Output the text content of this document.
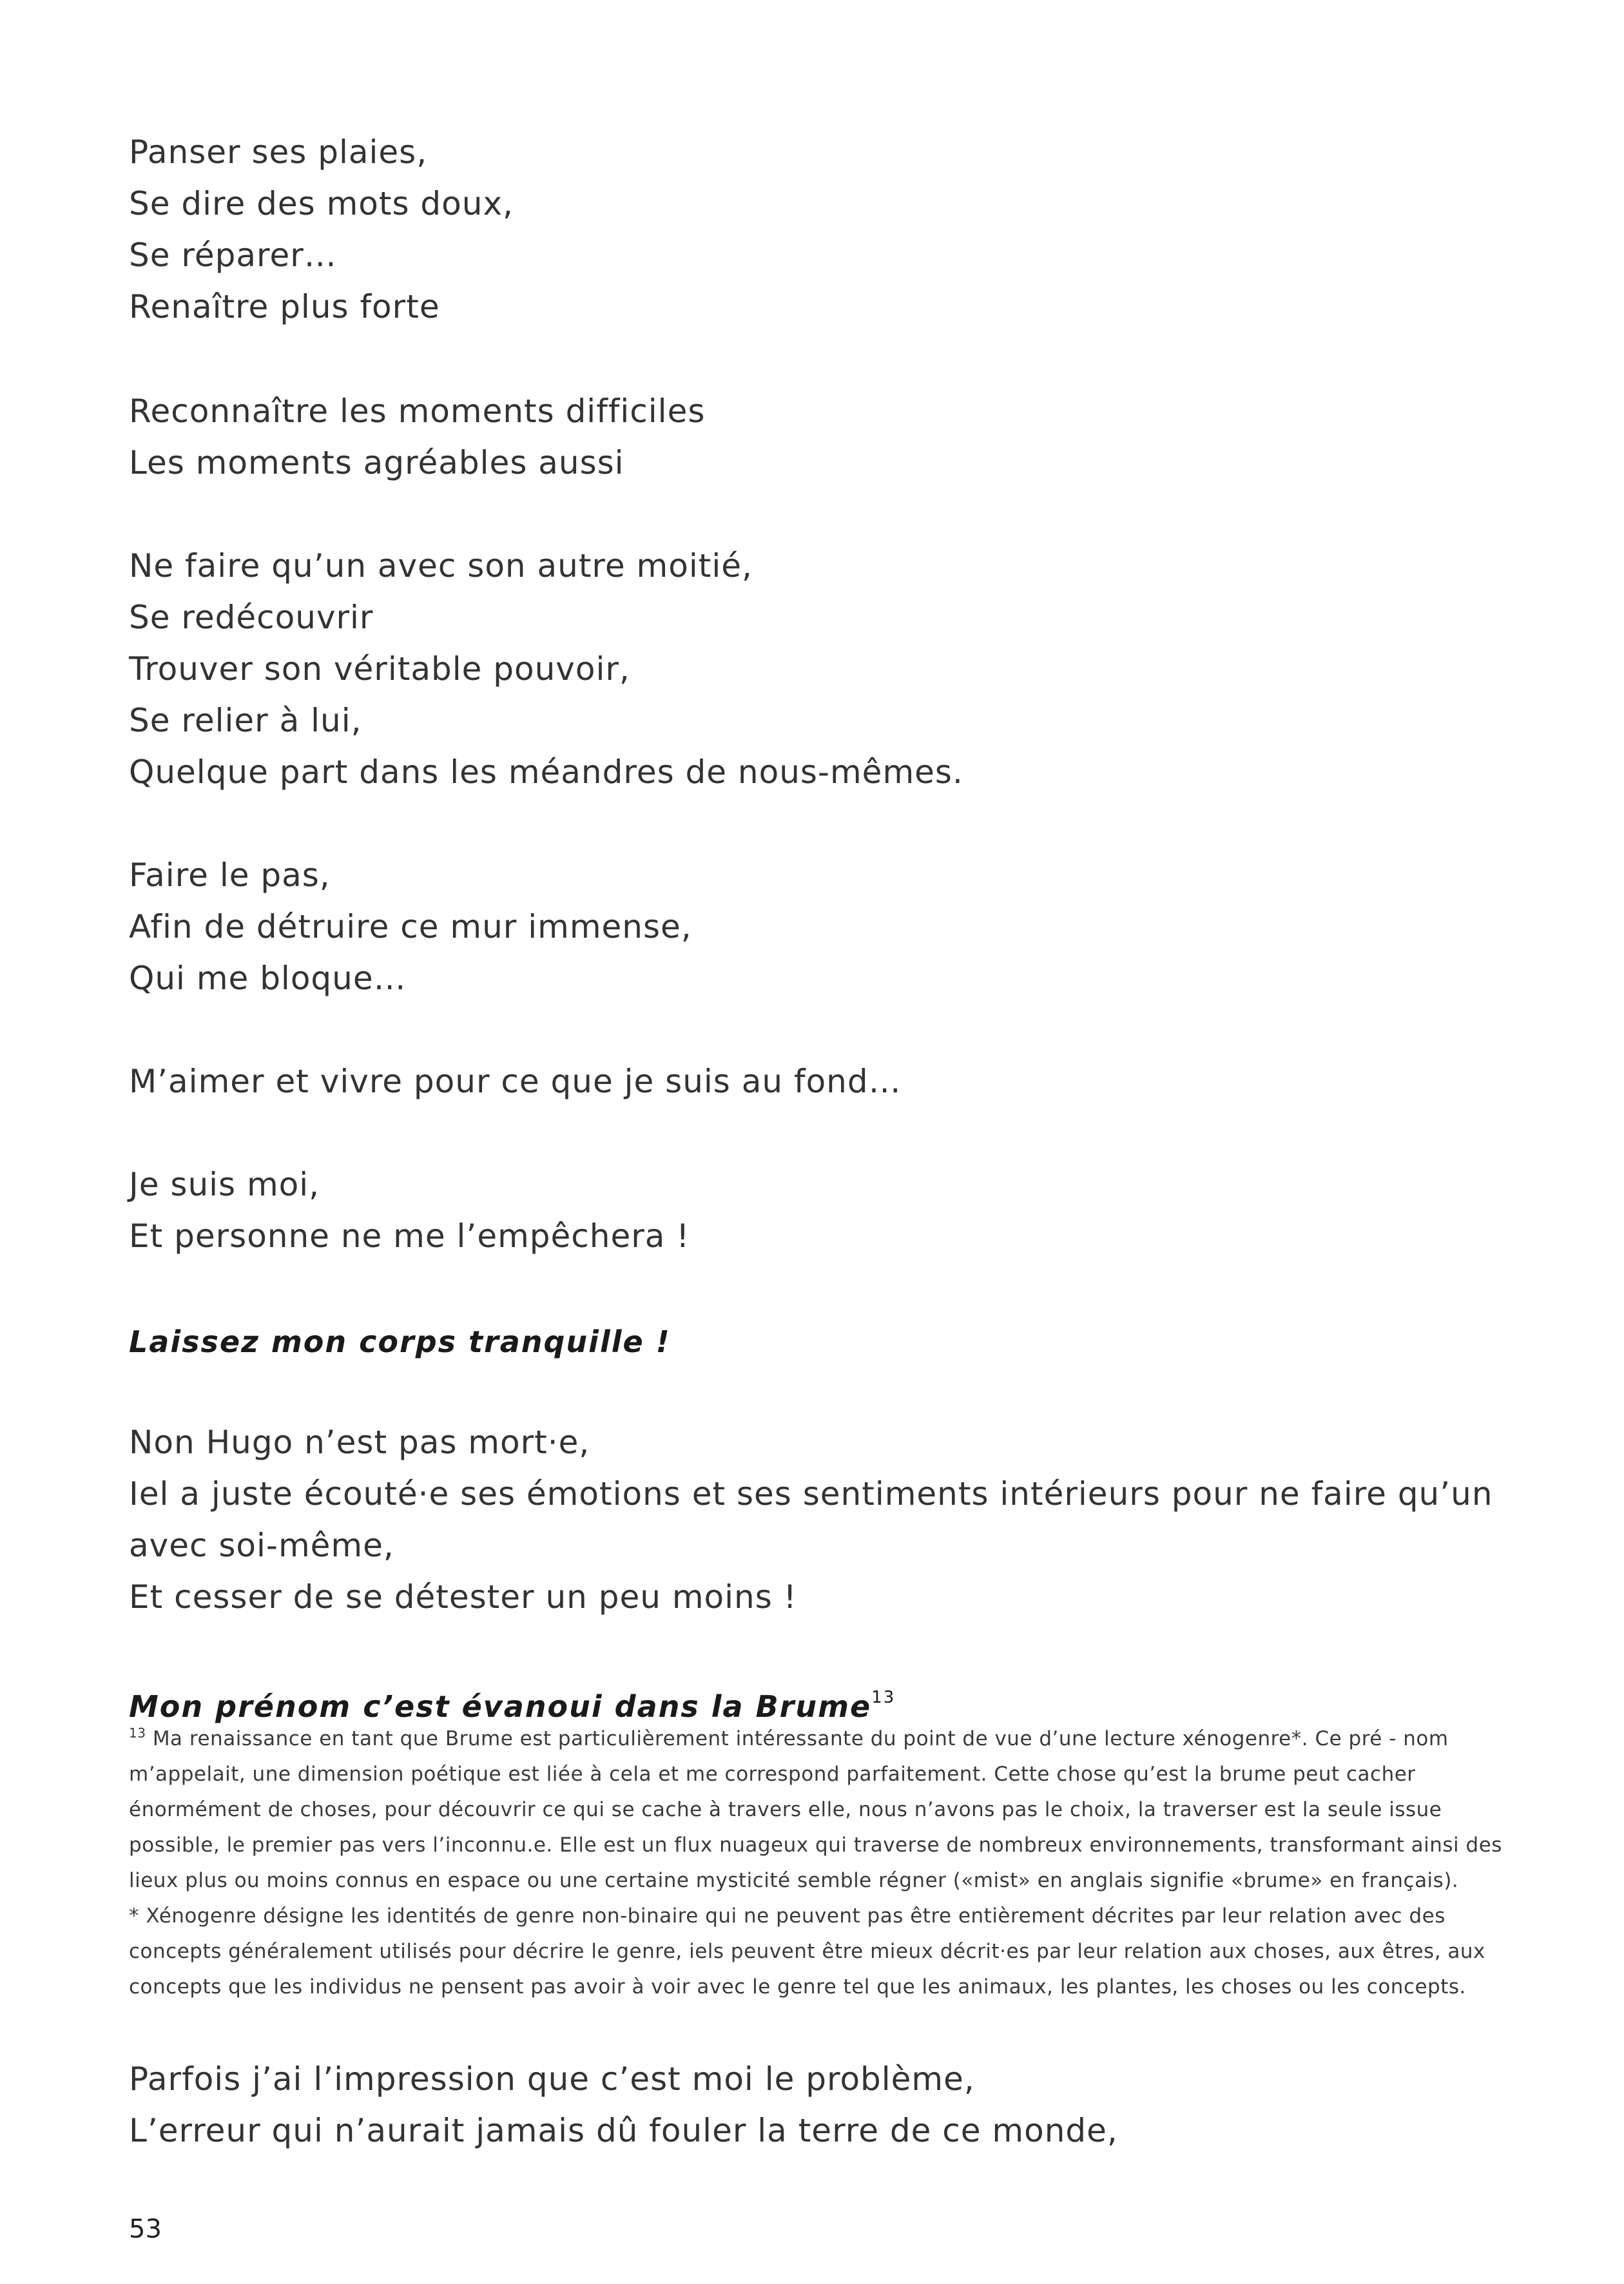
Panser ses plaies,
Se dire des mots doux,
Se réparer…
Renaître plus forte
Reconnaître les moments difficiles
Les moments agréables aussi
Ne faire qu’un avec son autre moitié,
Se redécouvrir
Trouver son véritable pouvoir,
Se relier à lui,
Quelque part dans les méandres de nous-mêmes.
Faire le pas,
Afin de détruire ce mur immense,
Qui me bloque…
M’aimer et vivre pour ce que je suis au fond…
Je suis moi,
Et personne ne me l’empêchera !
Laissez mon corps tranquille !
Non Hugo n’est pas mort·e,
Iel a juste écouté·e ses émotions et ses sentiments intérieurs pour ne faire qu’un avec soi-même,
Et cesser de se détester un peu moins !
Mon prénom c’est évanoui dans la Brume$^{13}$

$^{13}$ Ma renaissance en tant que Brume est particulièrement intéressante du point de vue d’une lecture xénogenre*. Ce pré - nom m’appelait, une dimension poétique est liée à cela et me correspond parfaitement. Cette chose qu’est la brume peut cacher énormément de choses, pour découvrir ce qui se cache à travers elle, nous n’avons pas le choix, la traverser est la seule issue possible, le premier pas vers l’inconnu.e. Elle est un flux nuageux qui traverse de nombreux environnements, transformant ainsi des lieux plus ou moins connus en espace ou une certaine mysticité semble régner («mist» en anglais signifie «brume» en français).

* Xénogenre désigne les identités de genre non-binaire qui ne peuvent pas être entièrement décrites par leur relation avec des concepts généralement utilisés pour décrire le genre, iels peuvent être mieux décrit·es par leur relation aux choses, aux êtres, aux concepts que les individus ne pensent pas avoir à voir avec le genre tel que les animaux, les plantes, les choses ou les concepts.

Parfois j’ai l’impression que c’est moi le problème,
L’erreur qui n’aurait jamais dû fouler la terre de ce monde,
53
